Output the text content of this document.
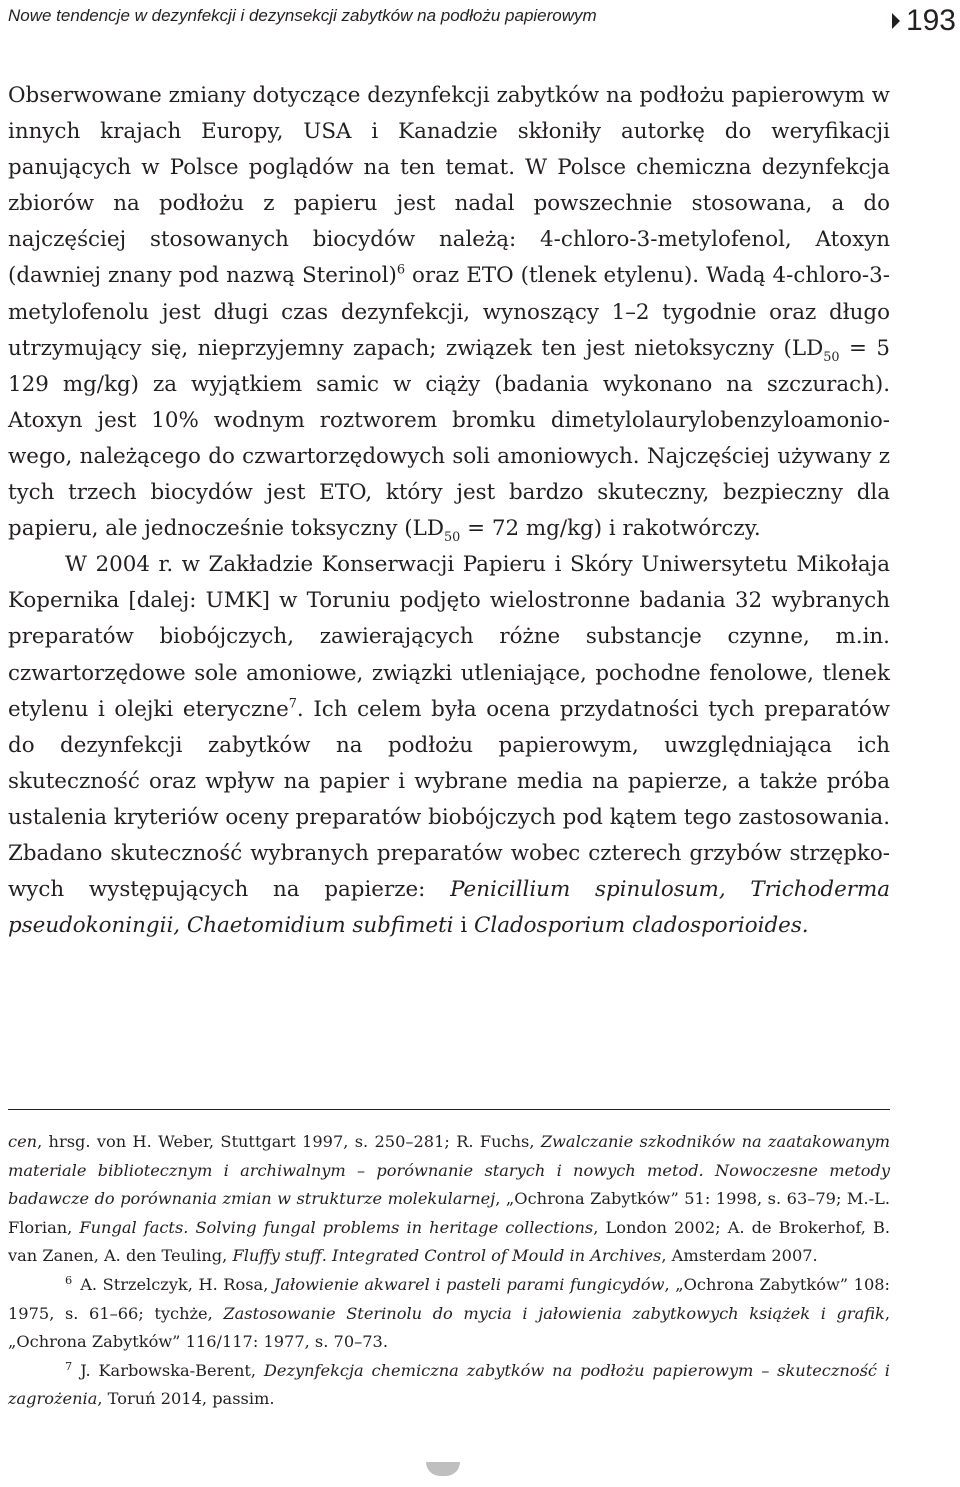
Nowe tendencje w dezynfekcji i dezynsekcji zabytków na podłożu papierowym	193

Obserwowane zmiany dotyczące dezynfekcji zabytków na podłożu papierowym w innych krajach Europy, USA i Kanadzie skłoniły autorkę do weryfikacji panujących w Polsce poglądów na ten temat. W Polsce chemiczna dezynfekcja zbiorów na podłożu z papieru jest nadal powszechnie stosowana, a do najczęściej stosowanych biocydów należą: 4-chloro-3-metylofenol, Atoxyn (dawniej znany pod nazwą Sterinol)$^6$ oraz ETO (tlenek etylenu). Wadą 4-chloro-3-metylofenolu jest długi czas dezynfekcji, wynoszący 1–2 tygodnie oraz długo utrzymujący się, nieprzyjemny zapach; związek ten jest nietoksyczny ($LD_{50} = 5$ 129 mg/kg) za wyjątkiem samic w ciąży (badania wykonano na szczurach). Atoxyn jest 10% wodnym roztworem bromku dimetylolaurylobenzyloamoniowego, należącego do czwartorzędowych soli amoniowych. Najczęściej używany z tych trzech biocydów jest ETO, który jest bardzo skuteczny, bezpieczny dla papieru, ale jednocześnie toksyczny ($LD_{50} = 72$ mg/kg) i rakotwórczy.

W 2004 r. w Zakładzie Konserwacji Papieru i Skóry Uniwersytetu Mikołaja Kopernika [dalej: UMK] w Toruniu podjęto wielostronne badania 32 wybranych preparatów biobójczych, zawierających różne substancje czynne, m.in. czwartorzędowe sole amoniowe, związki utleniające, pochodne fenolowe, tlenek etylenu i olejki eteryczne$^7$. Ich celem była ocena przydatności tych preparatów do dezynfekcji zabytków na podłożu papierowym, uwzględniająca ich skuteczność oraz wpływ na papier i wybrane media na papierze, a także próba ustalenia kryteriów oceny preparatów biobójczych pod kątem tego zastosowania. Zbadano skuteczność wybranych preparatów wobec czterech grzybów strzępkowych występujących na papierze: Penicillium spinulosum, Trichoderma pseudokoningii, Chaetomidium subfimeti i Cladosporium cladosporioides.

cen, hrsg. von H. Weber, Stuttgart 1997, s. 250–281; R. Fuchs, Zwalczanie szkodników na zaatakowanym materiale bibliotecznym i archiwalnym – porównanie starych i nowych metod. Nowoczesne metody badawcze do porównania zmian w strukturze molekularnej, „Ochrona Zabytków” 51: 1998, s. 63–79; M.-L. Florian, Fungal facts. Solving fungal problems in heritage collections, London 2002; A. de Brokerhof, B. van Zanen, A. den Teuling, Fluffy stuff. Integrated Control of Mould in Archives, Amsterdam 2007.

$^6$ A. Strzelczyk, H. Rosa, Jałowienie akwarel i pasteli parami fungicydów, „Ochrona Zabytków” 108: 1975, s. 61–66; tychże, Zastosowanie Sterinolu do mycia i jałowienia zabytkowych książek i grafik, „Ochrona Zabytków” 116/117: 1977, s. 70–73.

$^7$ J. Karbowska-Berent, Dezynfekcja chemiczna zabytków na podłożu papierowym – skuteczność i zagrożenia, Toruń 2014, passim.
